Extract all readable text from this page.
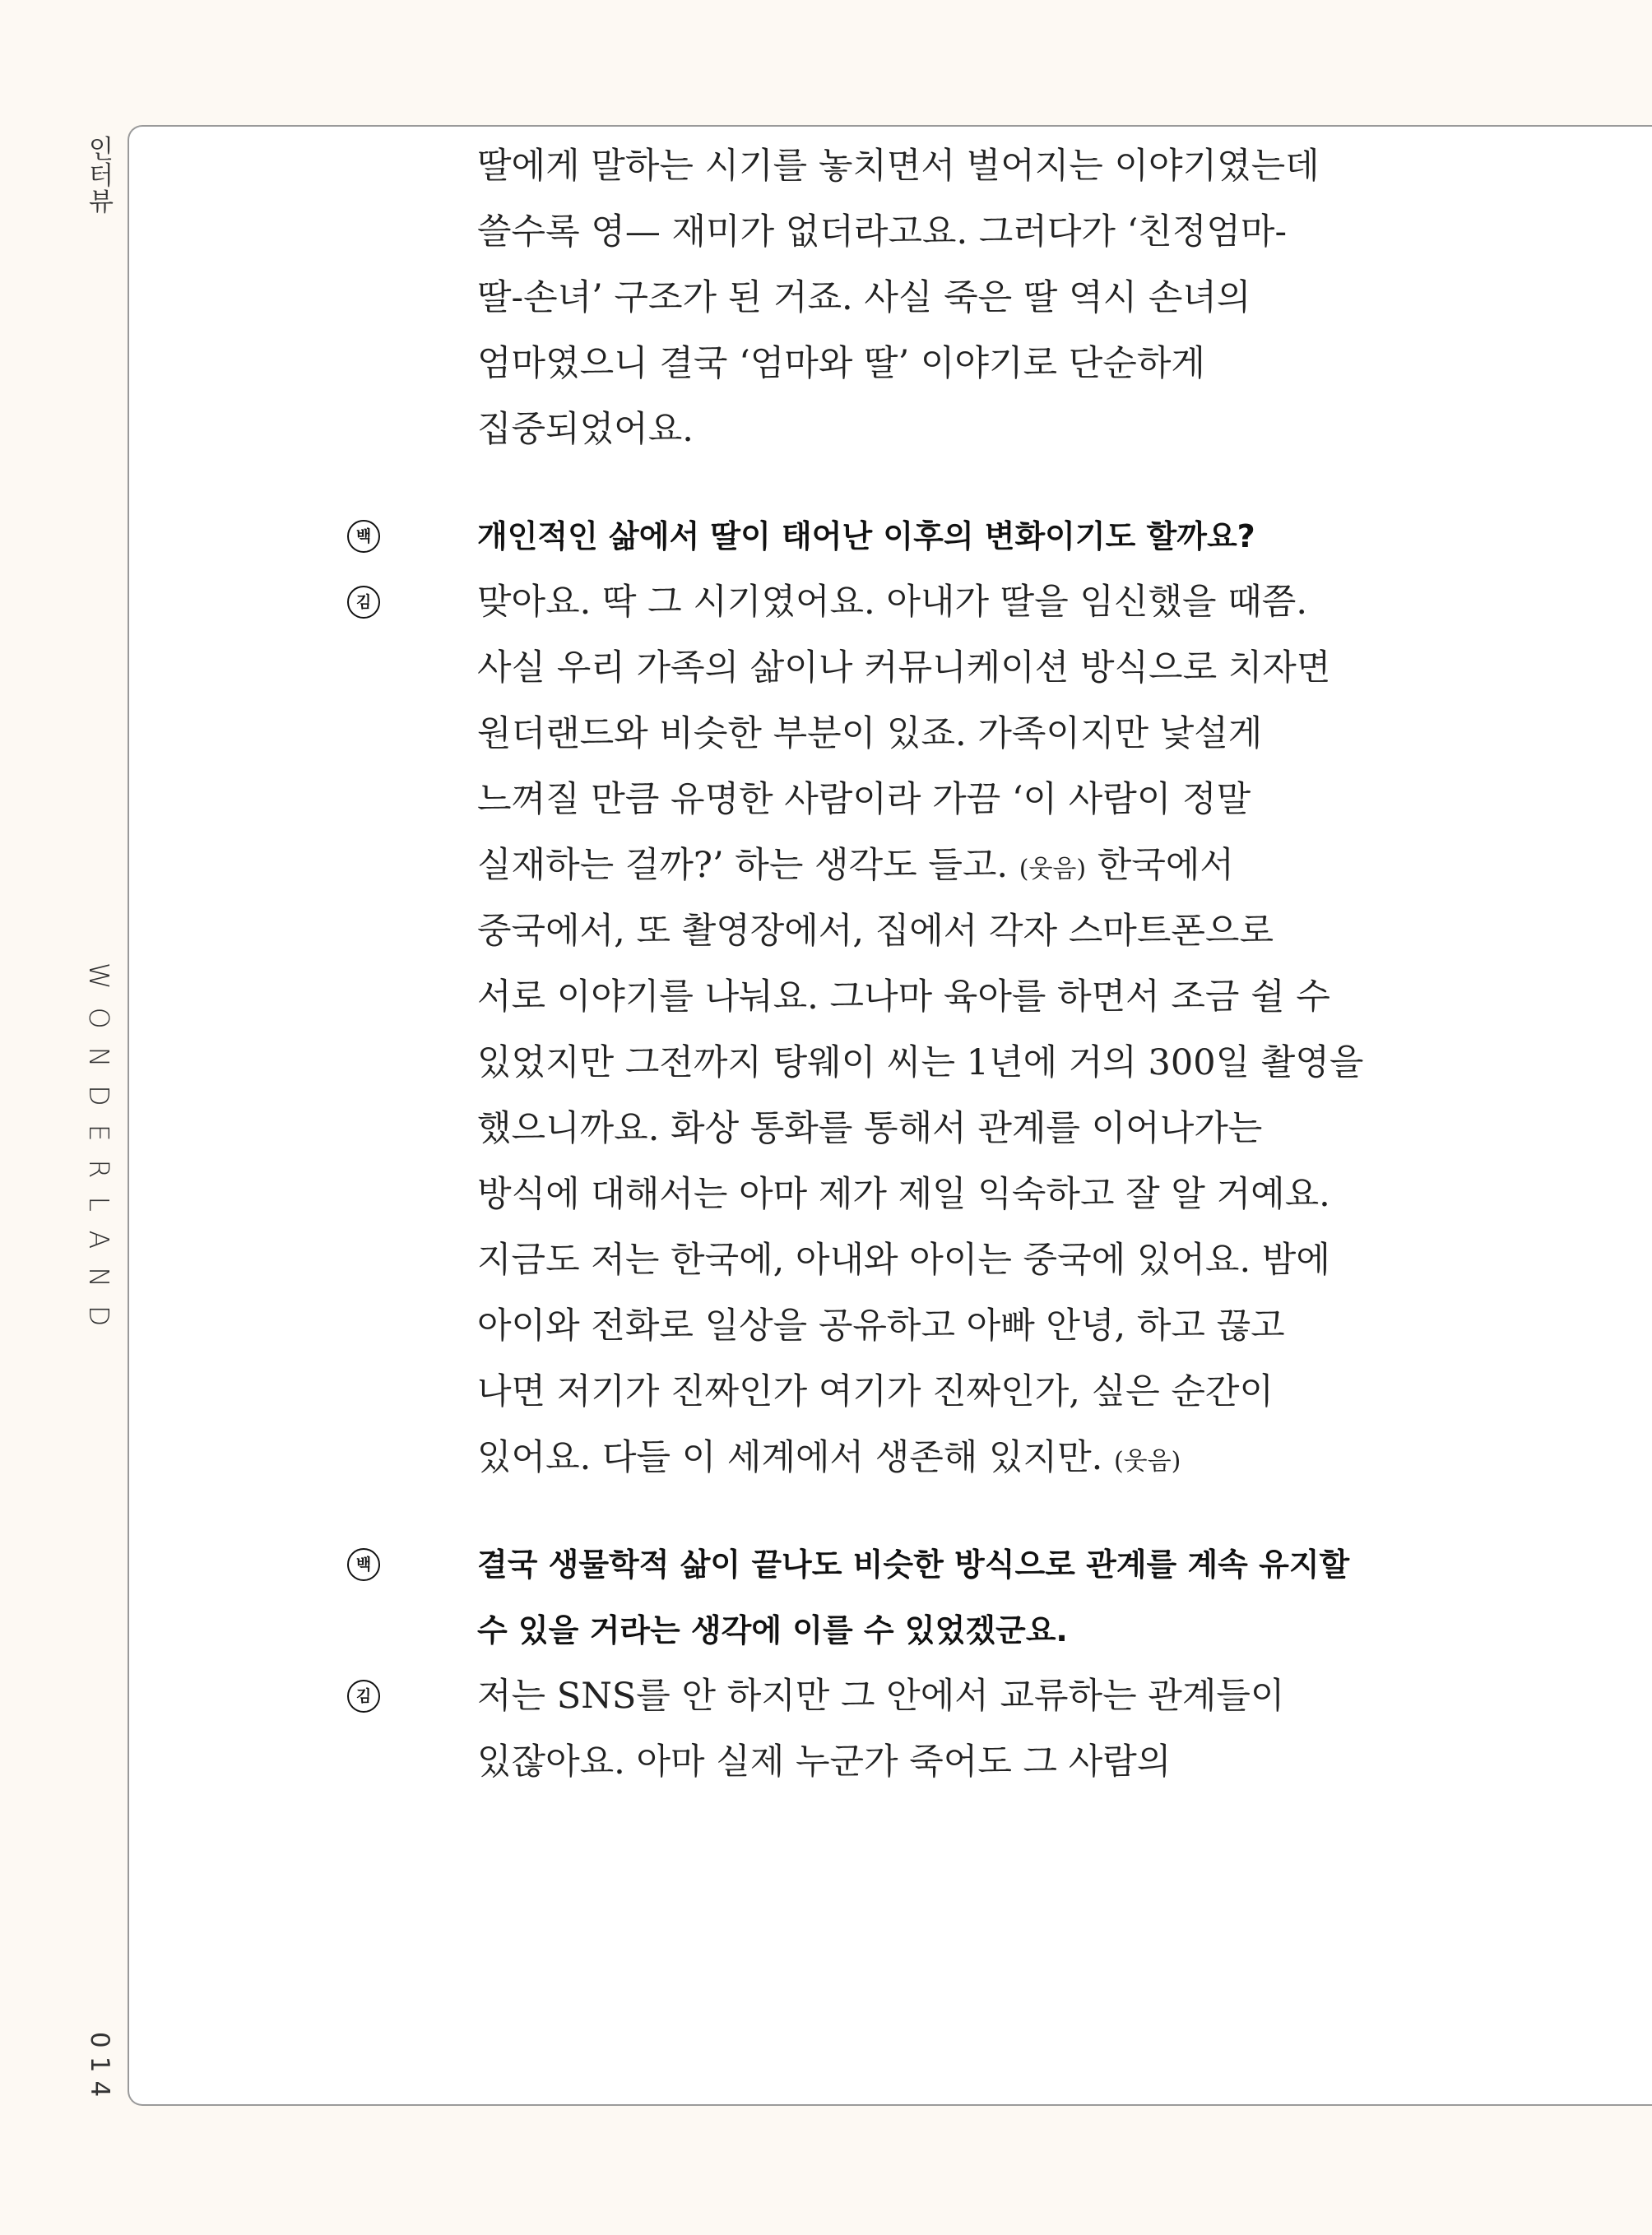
인터뷰
WONDERLAND
014
딸에게 말하는 시기를 놓치면서 벌어지는 이야기였는데
쓸수록 영— 재미가 없더라고요. 그러다가 ‘친정엄마-
딸-손녀’ 구조가 된 거죠. 사실 죽은 딸 역시 손녀의
엄마였으니 결국 ‘엄마와 딸’ 이야기로 단순하게
집중되었어요.
백	개인적인 삶에서 딸이 태어난 이후의 변화이기도 할까요?
김	맞아요. 딱 그 시기였어요. 아내가 딸을 임신했을 때쯤.
사실 우리 가족의 삶이나 커뮤니케이션 방식으로 치자면
원더랜드와 비슷한 부분이 있죠. 가족이지만 낯설게
느껴질 만큼 유명한 사람이라 가끔 ‘이 사람이 정말
실재하는 걸까?’ 하는 생각도 들고. (웃음) 한국에서
중국에서, 또 촬영장에서, 집에서 각자 스마트폰으로
서로 이야기를 나눠요. 그나마 육아를 하면서 조금 쉴 수
있었지만 그전까지 탕웨이 씨는 1년에 거의 300일 촬영을
했으니까요. 화상 통화를 통해서 관계를 이어나가는
방식에 대해서는 아마 제가 제일 익숙하고 잘 알 거예요.
지금도 저는 한국에, 아내와 아이는 중국에 있어요. 밤에
아이와 전화로 일상을 공유하고 아빠 안녕, 하고 끊고
나면 저기가 진짜인가 여기가 진짜인가, 싶은 순간이
있어요. 다들 이 세계에서 생존해 있지만. (웃음)
백	결국 생물학적 삶이 끝나도 비슷한 방식으로 관계를 계속 유지할
수 있을 거라는 생각에 이를 수 있었겠군요.
김	저는 SNS를 안 하지만 그 안에서 교류하는 관계들이
있잖아요. 아마 실제 누군가 죽어도 그 사람의
